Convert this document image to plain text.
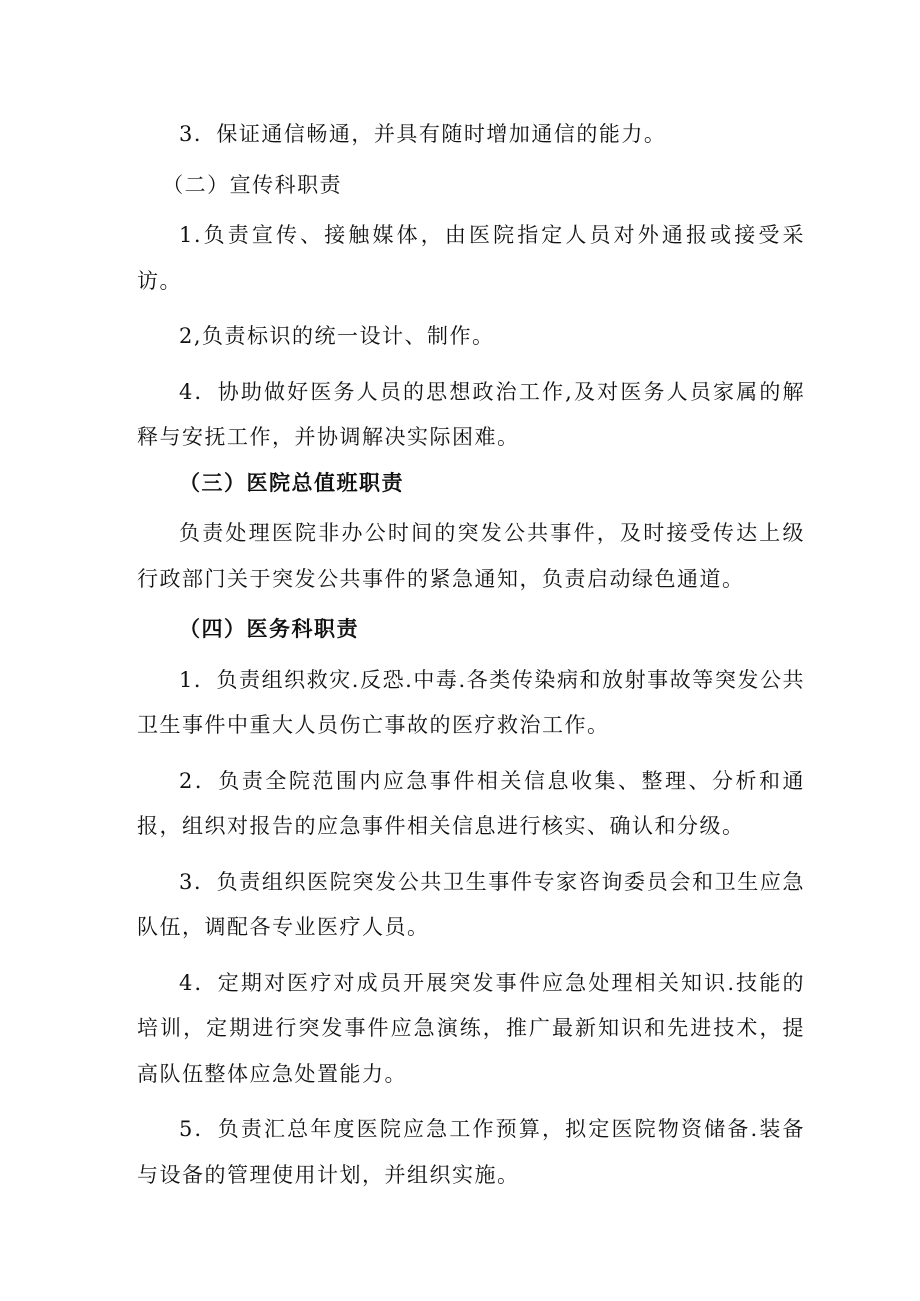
3．保证通信畅通，并具有随时增加通信的能力。

（二）宣传科职责

1.负责宣传、接触媒体，由医院指定人员对外通报或接受采访。

2,负责标识的统一设计、制作。

4．协助做好医务人员的思想政治工作,及对医务人员家属的解释与安抚工作，并协调解决实际困难。

（三）医院总值班职责

负责处理医院非办公时间的突发公共事件，及时接受传达上级行政部门关于突发公共事件的紧急通知，负责启动绿色通道。

（四）医务科职责

1．负责组织救灾.反恐.中毒.各类传染病和放射事故等突发公共卫生事件中重大人员伤亡事故的医疗救治工作。

2．负责全院范围内应急事件相关信息收集、整理、分析和通报，组织对报告的应急事件相关信息进行核实、确认和分级。

3．负责组织医院突发公共卫生事件专家咨询委员会和卫生应急队伍，调配各专业医疗人员。

4．定期对医疗对成员开展突发事件应急处理相关知识.技能的培训，定期进行突发事件应急演练，推广最新知识和先进技术，提高队伍整体应急处置能力。

5．负责汇总年度医院应急工作预算，拟定医院物资储备.装备与设备的管理使用计划，并组织实施。
